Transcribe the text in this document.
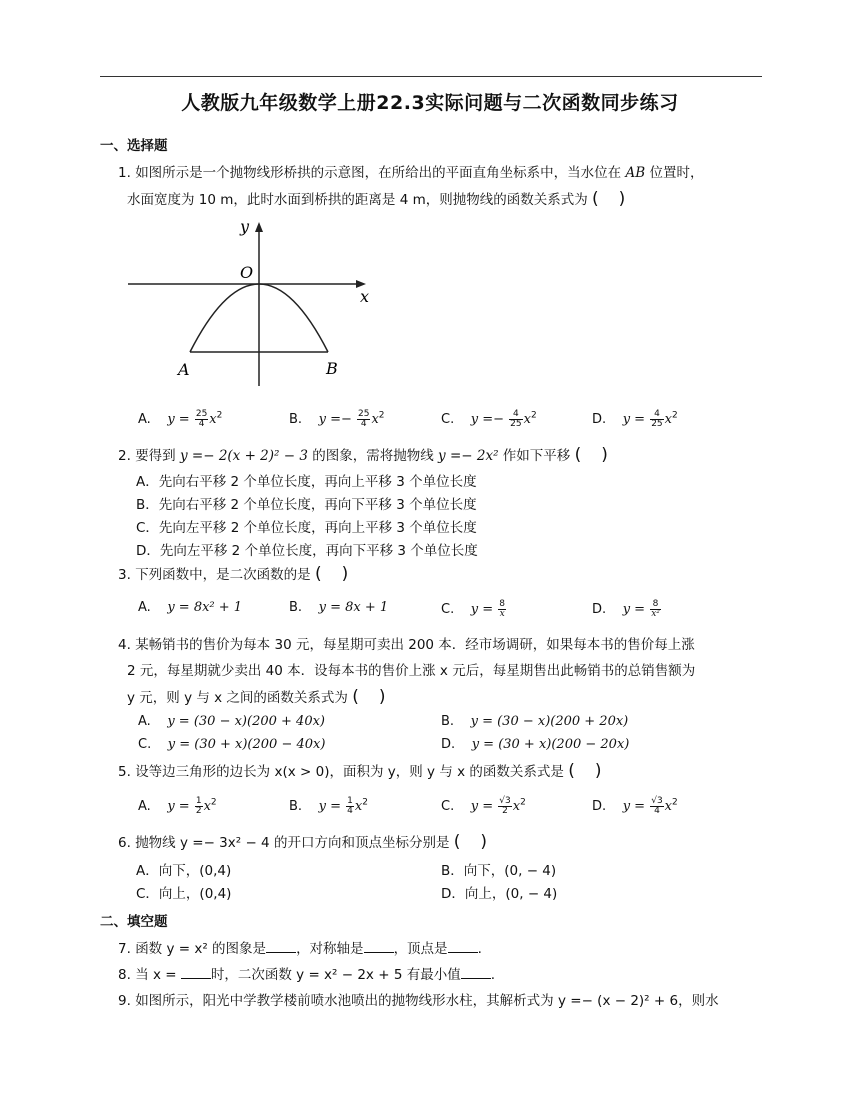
人教版九年级数学上册22.3实际问题与二次函数同步练习
一、选择题
1. 如图所示是一个抛物线形桥拱的示意图，在所给出的平面直角坐标系中，当水位在 AB 位置时，
水面宽度为 10 m，此时水面到桥拱的距离是 4 m，则抛物线的函数关系式为 ()
y
x
O
A	B
A. $y = \frac{25}{4} x^2$	B. $y =- \frac{25}{4} x^2$	C. $y =- \frac{4}{25} x^2$	D. $y = \frac{4}{25} x^2$
2. 要得到 y =− 2(x + 2)² − 3 的图象，需将抛物线 y =− 2x² 作如下平移 ()
A．先向右平移 2 个单位长度，再向上平移 3 个单位长度
B．先向右平移 2 个单位长度，再向下平移 3 个单位长度
C．先向左平移 2 个单位长度，再向上平移 3 个单位长度
D．先向左平移 2 个单位长度，再向下平移 3 个单位长度
3. 下列函数中，是二次函数的是 ()
A. y = 8x² + 1	B. y = 8x + 1	C. $y = \frac{8}{x}$	D. $y = \frac{8}{\text{x²}}$
4. 某畅销书的售价为每本 30 元，每星期可卖出 200 本．经市场调研，如果每本书的售价每上涨
2 元，每星期就少卖出 40 本．设每本书的售价上涨 x 元后，每星期售出此畅销书的总销售额为
y 元，则 y 与 x 之间的函数关系式为 ()
A. y = (30 − x)(200 + 40x)	B. y = (30 − x)(200 + 20x)
C. y = (30 + x)(200 − 40x)	D. y = (30 + x)(200 − 20x)
5. 设等边三角形的边长为 x(x > 0)，面积为 y，则 y 与 x 的函数关系式是 ()
A. $y = \frac{1}{2} x^2$	B. $y = \frac{1}{4} x^2$	C. $y = \frac{√3}{2} x^2$	D. $y = \frac{√3}{4} x^2$
6. 抛物线 y =− 3x² − 4 的开口方向和顶点坐标分别是 ()
A．向下，(0,4)	B．向下，(0, − 4)
C．向上，(0,4)	D．向上，(0, − 4)
二、填空题
7. 函数 y = x² 的图象是 ，对称轴是 ，顶点是 .
8. 当 x =	时，二次函数 y = x² − 2x + 5 有最小值 .
9. 如图所示，阳光中学教学楼前喷水池喷出的抛物线形水柱，其解析式为 y =− (x − 2)² + 6，则水
